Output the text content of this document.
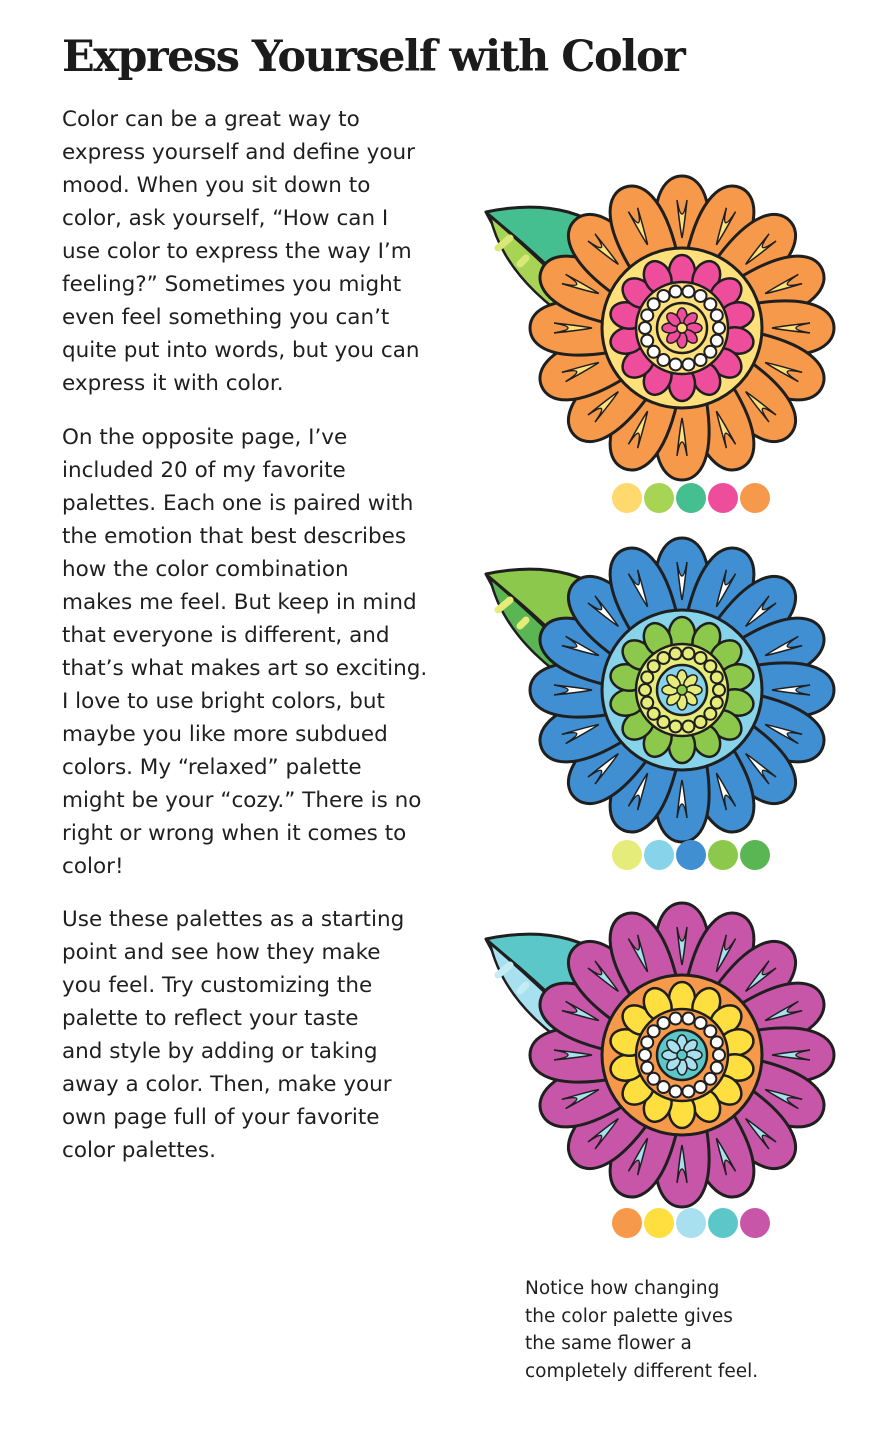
Express Yourself with Color

Color can be a great way to
express yourself and define your
mood. When you sit down to
color, ask yourself, “How can I
use color to express the way I’m
feeling?” Sometimes you might
even feel something you can’t
quite put into words, but you can
express it with color.

On the opposite page, I’ve
included 20 of my favorite
palettes. Each one is paired with
the emotion that best describes
how the color combination
makes me feel. But keep in mind
that everyone is different, and
that’s what makes art so exciting.
I love to use bright colors, but
maybe you like more subdued
colors. My “relaxed” palette
might be your “cozy.” There is no
right or wrong when it comes to
color!

Use these palettes as a starting
point and see how they make
you feel. Try customizing the
palette to reflect your taste
and style by adding or taking
away a color. Then, make your
own page full of your favorite
color palettes.

Notice how changing
the color palette gives
the same flower a
completely different feel.
